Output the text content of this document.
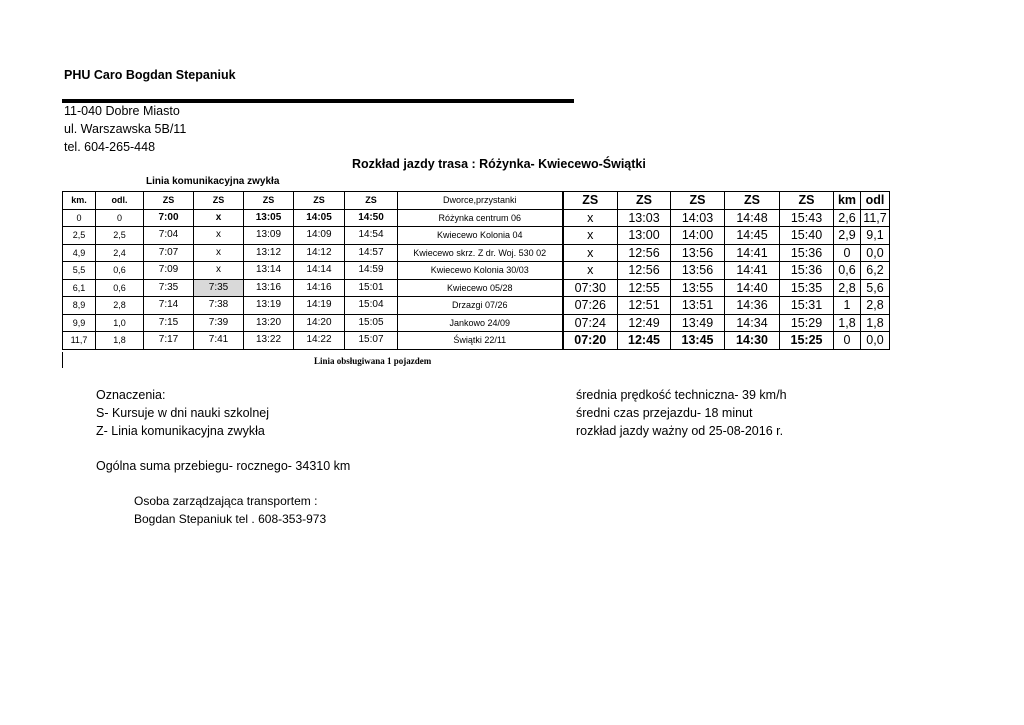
PHU Caro Bogdan Stepaniuk
11-040 Dobre Miasto
ul. Warszawska 5B/11
tel. 604-265-448
Rozkład jazdy trasa : Różynka- Kwiecewo-Świątki
Linia komunikacyjna zwykła
km.	odl.	ZS	ZS	ZS	ZS	ZS	Dworce,przystanki	ZS	ZS	ZS	ZS	ZS	km	odl
0	0	7:00	x	13:05	14:05	14:50	Różynka centrum 06	x	13:03	14:03	14:48	15:43	2,6	11,7
2,5	2,5	7:04	x	13:09	14:09	14:54	Kwiecewo Kolonia 04	x	13:00	14:00	14:45	15:40	2,9	9,1
4,9	2,4	7:07	x	13:12	14:12	14:57	Kwiecewo skrz. Z dr. Woj. 530 02	x	12:56	13:56	14:41	15:36	0	0,0
5,5	0,6	7:09	x	13:14	14:14	14:59	Kwiecewo Kolonia 30/03	x	12:56	13:56	14:41	15:36	0,6	6,2
6,1	0,6	7:35	7:35	13:16	14:16	15:01	Kwiecewo 05/28	07:30	12:55	13:55	14:40	15:35	2,8	5,6
8,9	2,8	7:14	7:38	13:19	14:19	15:04	Drzazgi 07/26	07:26	12:51	13:51	14:36	15:31	1	2,8
9,9	1,0	7:15	7:39	13:20	14:20	15:05	Jankowo 24/09	07:24	12:49	13:49	14:34	15:29	1,8	1,8
11,7	1,8	7:17	7:41	13:22	14:22	15:07	Świątki 22/11	07:20	12:45	13:45	14:30	15:25	0	0,0
Linia obsługiwana 1 pojazdem
Oznaczenia:
S- Kursuje w dni nauki szkolnej
Z- Linia komunikacyjna zwykła
Ogólna suma przebiegu- rocznego- 34310 km
średnia prędkość techniczna- 39 km/h
średni czas przejazdu- 18 minut
rozkład jazdy ważny od 25-08-2016 r.
Osoba zarządzająca transportem :
Bogdan Stepaniuk tel . 608-353-973
